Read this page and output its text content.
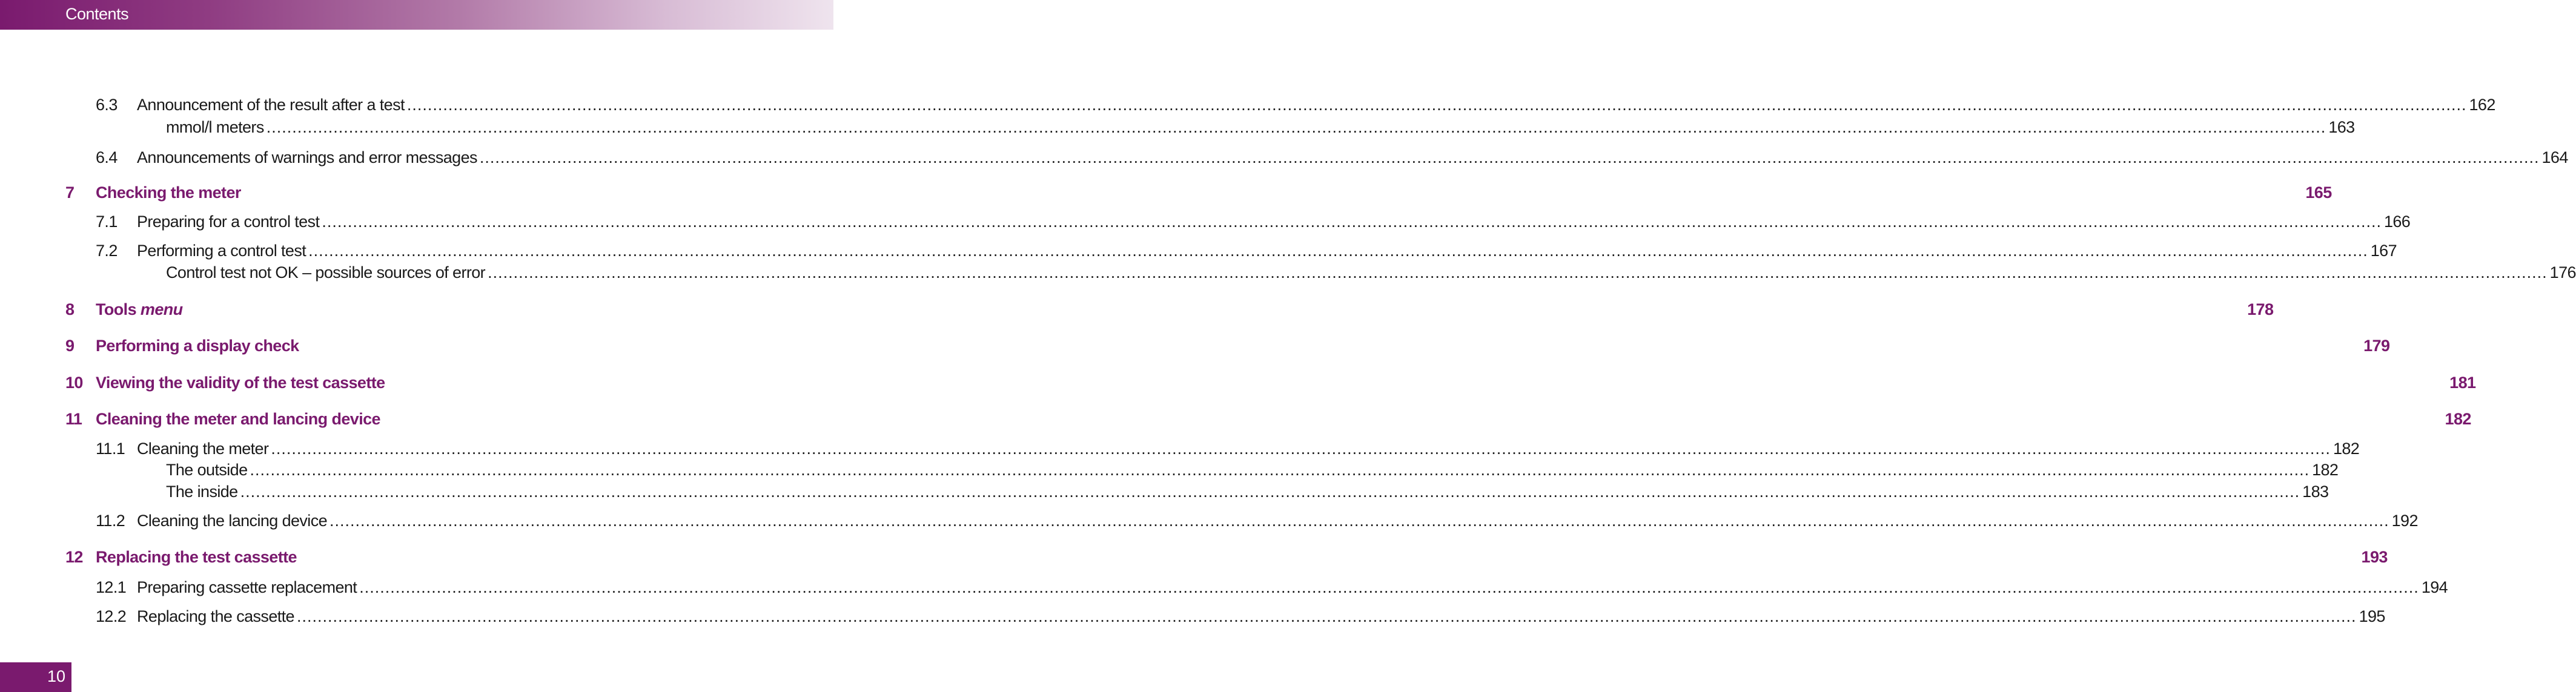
Contents
6.3 Announcement of the result after a test ................................................................................................................................................................................................................................................................................................................................................................................................................ 162
mmol/l meters ................................................................................................................................................................................................................................................................................................................................................................................................................ 163
6.4 Announcements of warnings and error messages ................................................................................................................................................................................................................................................................................................................................................................................................................ 164
7 Checking the meter	165
7.1 Preparing for a control test ................................................................................................................................................................................................................................................................................................................................................................................................................ 166
7.2 Performing a control test ................................................................................................................................................................................................................................................................................................................................................................................................................ 167
Control test not OK – possible sources of error ................................................................................................................................................................................................................................................................................................................................................................................................................ 176
8 Tools menu	178
9 Performing a display check	179
10 Viewing the validity of the test cassette	181
11 Cleaning the meter and lancing device	182
11.1 Cleaning the meter ................................................................................................................................................................................................................................................................................................................................................................................................................ 182
The outside ................................................................................................................................................................................................................................................................................................................................................................................................................ 182
The inside ................................................................................................................................................................................................................................................................................................................................................................................................................ 183
11.2 Cleaning the lancing device ................................................................................................................................................................................................................................................................................................................................................................................................................ 192
12 Replacing the test cassette	193
12.1 Preparing cassette replacement ................................................................................................................................................................................................................................................................................................................................................................................................................ 194
12.2 Replacing the cassette ................................................................................................................................................................................................................................................................................................................................................................................................................ 195
10
